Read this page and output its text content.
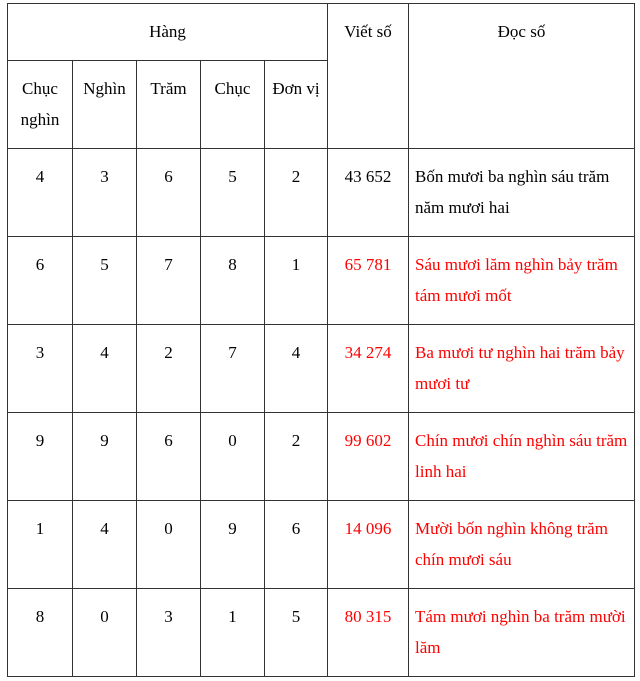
Hàng					Viết số	Đọc số
Chục nghìn	Nghìn	Trăm	Chục	Đơn vị		
4	3	6	5	2	43 652	Bốn mươi ba nghìn sáu trăm năm mươi hai
6	5	7	8	1	65 781	Sáu mươi lăm nghìn bảy trăm tám mươi mốt
3	4	2	7	4	34 274	Ba mươi tư nghìn hai trăm bảy mươi tư
9	9	6	0	2	99 602	Chín mươi chín nghìn sáu trăm linh hai
1	4	0	9	6	14 096	Mười bốn nghìn không trăm chín mươi sáu
8	0	3	1	5	80 315	Tám mươi nghìn ba trăm mười lăm
